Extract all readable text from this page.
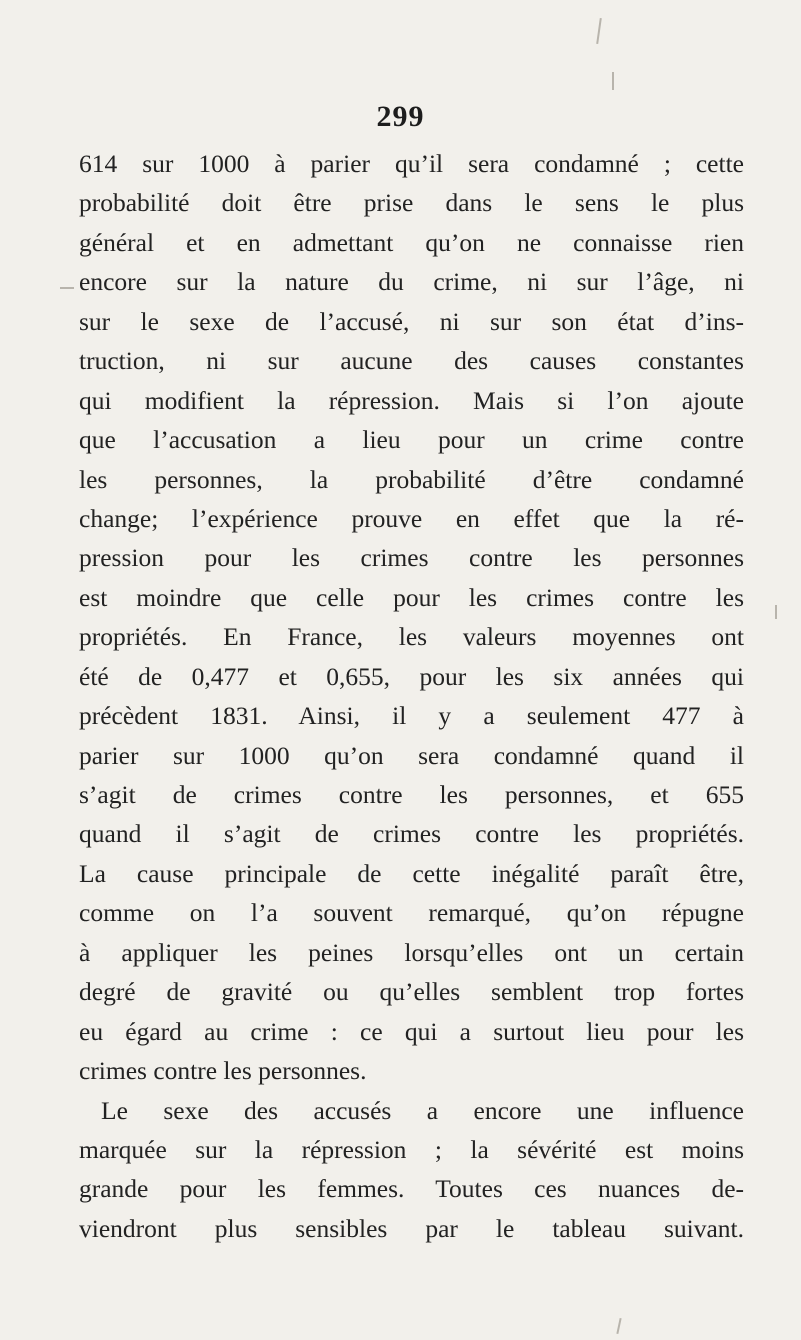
299
614 sur 1000 à parier qu’il sera condamné ; cette
probabilité doit être prise dans le sens le plus
général et en admettant qu’on ne connaisse rien
encore sur la nature du crime, ni sur l’âge, ni
sur le sexe de l’accusé, ni sur son état d’ins-
truction, ni sur aucune des causes constantes
qui modifient la répression. Mais si l’on ajoute
que l’accusation a lieu pour un crime contre
les personnes, la probabilité d’être condamné
change; l’expérience prouve en effet que la ré-
pression pour les crimes contre les personnes
est moindre que celle pour les crimes contre les
propriétés. En France, les valeurs moyennes ont
été de 0,477 et 0,655, pour les six années qui
précèdent 1831. Ainsi, il y a seulement 477 à
parier sur 1000 qu’on sera condamné quand il
s’agit de crimes contre les personnes, et 655
quand il s’agit de crimes contre les propriétés.
La cause principale de cette inégalité paraît être,
comme on l’a souvent remarqué, qu’on répugne
à appliquer les peines lorsqu’elles ont un certain
degré de gravité ou qu’elles semblent trop fortes
eu égard au crime : ce qui a surtout lieu pour les
crimes contre les personnes.
Le sexe des accusés a encore une influence
marquée sur la répression ; la sévérité est moins
grande pour les femmes. Toutes ces nuances de-
viendront plus sensibles par le tableau suivant.
